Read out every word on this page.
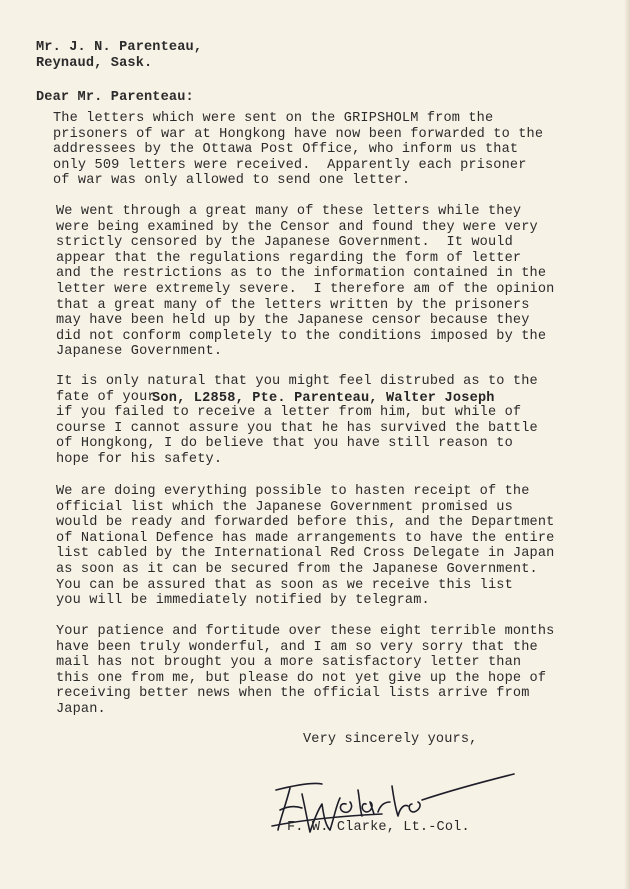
Mr. J. N. Parenteau,
Reynaud, Sask.
Dear Mr. Parenteau:
The letters which were sent on the GRIPSHOLM from the
prisoners of war at Hongkong have now been forwarded to the
addressees by the Ottawa Post Office, who inform us that
only 509 letters were received.  Apparently each prisoner
of war was only allowed to send one letter.
We went through a great many of these letters while they
were being examined by the Censor and found they were very
strictly censored by the Japanese Government.  It would
appear that the regulations regarding the form of letter
and the restrictions as to the information contained in the
letter were extremely severe.  I therefore am of the opinion
that a great many of the letters written by the prisoners
may have been held up by the Japanese censor because they
did not conform completely to the conditions imposed by the
Japanese Government.
It is only natural that you might feel distrubed as to the
fate of your
if you failed to receive a letter from him, but while of
course I cannot assure you that he has survived the battle
of Hongkong, I do believe that you have still reason to
hope for his safety.
Son, L2858, Pte. Parenteau, Walter Joseph
We are doing everything possible to hasten receipt of the
official list which the Japanese Government promised us
would be ready and forwarded before this, and the Department
of National Defence has made arrangements to have the entire
list cabled by the International Red Cross Delegate in Japan
as soon as it can be secured from the Japanese Government.
You can be assured that as soon as we receive this list
you will be immediately notified by telegram.
Your patience and fortitude over these eight terrible months
have been truly wonderful, and I am so very sorry that the
mail has not brought you a more satisfactory letter than
this one from me, but please do not yet give up the hope of
receiving better news when the official lists arrive from
Japan.
Very sincerely yours,
F. W. Clarke, Lt.-Col.
